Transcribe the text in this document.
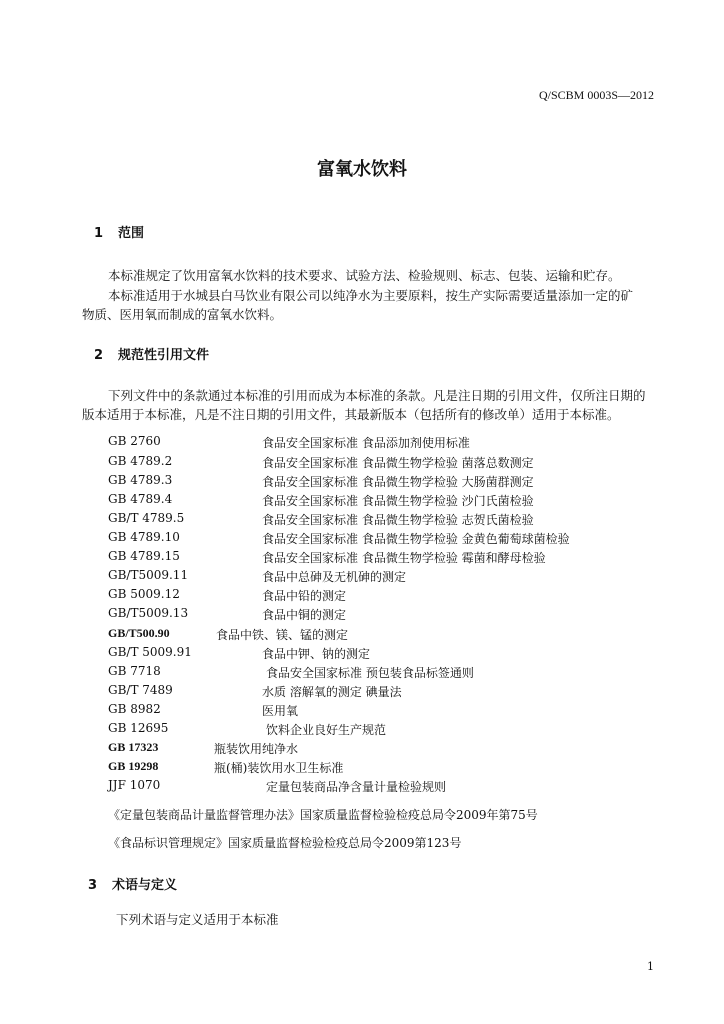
Q/SCBM 0003S—2012
富氧水饮料
1 范围
本标准规定了饮用富氧水饮料的技术要求、试验方法、检验规则、标志、包装、运输和贮存。
本标准适用于水城县白马饮业有限公司以纯净水为主要原料，按生产实际需要适量添加一定的矿
物质、医用氧而制成的富氧水饮料。
2 规范性引用文件
下列文件中的条款通过本标准的引用而成为本标准的条款。凡是注日期的引用文件，仅所注日期的
版本适用于本标准，凡是不注日期的引用文件，其最新版本（包括所有的修改单）适用于本标准。
GB 2760	食品安全国家标准 食品添加剂使用标准
GB 4789.2	食品安全国家标准 食品微生物学检验 菌落总数测定
GB 4789.3	食品安全国家标准 食品微生物学检验 大肠菌群测定
GB 4789.4	食品安全国家标准 食品微生物学检验 沙门氏菌检验
GB/T 4789.5	食品安全国家标准 食品微生物学检验 志贺氏菌检验
GB 4789.10	食品安全国家标准 食品微生物学检验 金黄色葡萄球菌检验
GB 4789.15	食品安全国家标准 食品微生物学检验 霉菌和酵母检验
GB/T5009.11	食品中总砷及无机砷的测定
GB 5009.12	食品中铅的测定
GB/T5009.13	食品中铜的测定
GB/T500.90	食品中铁、镁、锰的测定
GB/T 5009.91	食品中钾、钠的测定
GB 7718	食品安全国家标准 预包装食品标签通则
GB/T 7489	水质 溶解氧的测定 碘量法
GB 8982	医用氧
GB 12695	饮料企业良好生产规范
GB 17323	瓶装饮用纯净水
GB 19298	瓶(桶)装饮用水卫生标准
JJF 1070	定量包装商品净含量计量检验规则
《定量包装商品计量监督管理办法》国家质量监督检验检疫总局令2009年第75号
《食品标识管理规定》国家质量监督检验检疫总局令2009第123号
3 术语与定义
下列术语与定义适用于本标准
1
